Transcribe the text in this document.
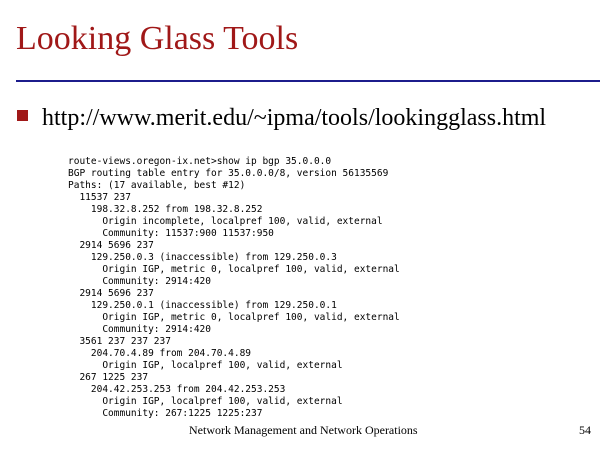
Looking Glass Tools
http://www.merit.edu/~ipma/tools/lookingglass.html
route-views.oregon-ix.net>show ip bgp 35.0.0.0
BGP routing table entry for 35.0.0.0/8, version 56135569
Paths: (17 available, best #12)
11537 237
198.32.8.252 from 198.32.8.252
Origin incomplete, localpref 100, valid, external
Community: 11537:900 11537:950
2914 5696 237
129.250.0.3 (inaccessible) from 129.250.0.3
Origin IGP, metric 0, localpref 100, valid, external
Community: 2914:420
2914 5696 237
129.250.0.1 (inaccessible) from 129.250.0.1
Origin IGP, metric 0, localpref 100, valid, external
Community: 2914:420
3561 237 237 237
204.70.4.89 from 204.70.4.89
Origin IGP, localpref 100, valid, external
267 1225 237
204.42.253.253 from 204.42.253.253
Origin IGP, localpref 100, valid, external
Community: 267:1225 1225:237
Network Management and Network Operations	54
